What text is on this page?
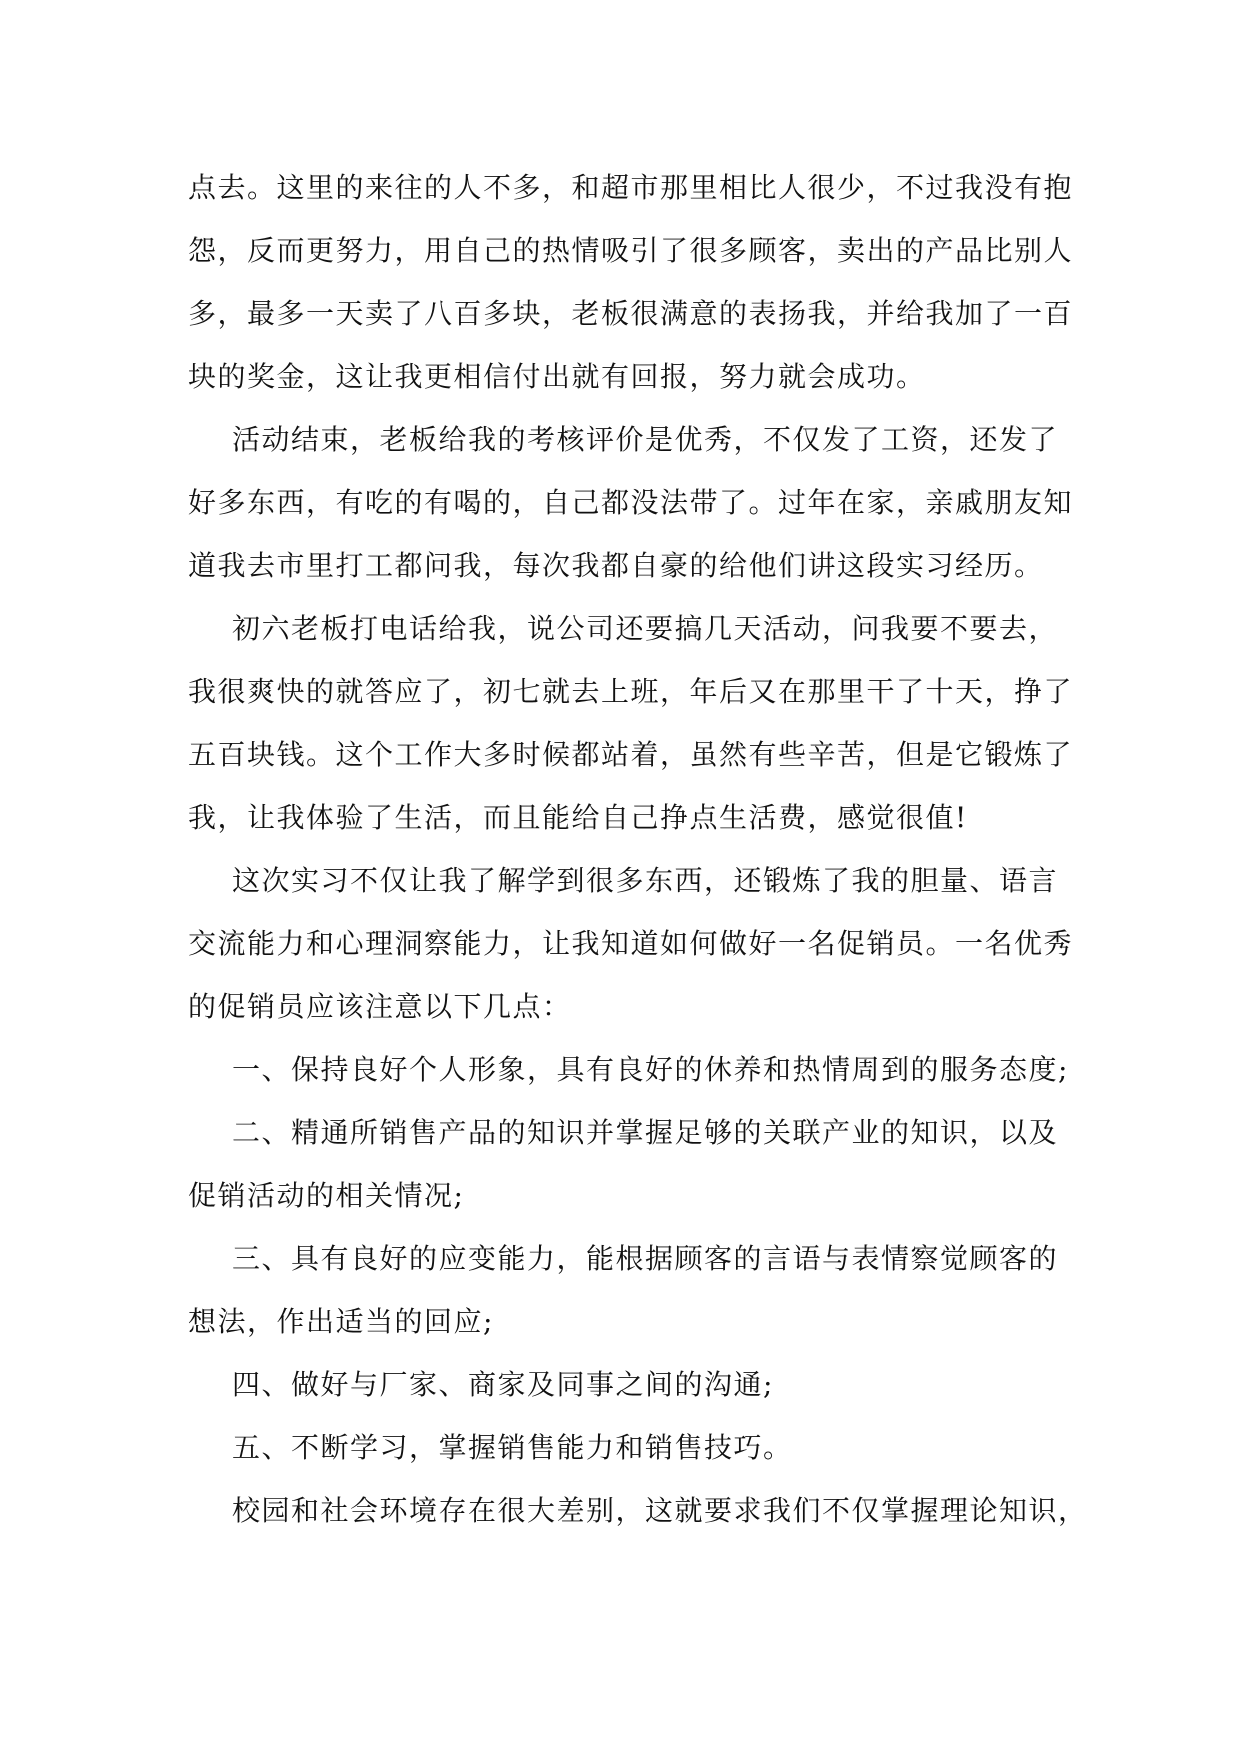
点去。这里的来往的人不多，和超市那里相比人很少，不过我没有抱
怨，反而更努力，用自己的热情吸引了很多顾客，卖出的产品比别人
多，最多一天卖了八百多块，老板很满意的表扬我，并给我加了一百
块的奖金，这让我更相信付出就有回报，努力就会成功。
活动结束，老板给我的考核评价是优秀，不仅发了工资，还发了
好多东西，有吃的有喝的，自己都没法带了。过年在家，亲戚朋友知
道我去市里打工都问我，每次我都自豪的给他们讲这段实习经历。
初六老板打电话给我，说公司还要搞几天活动，问我要不要去，
我很爽快的就答应了，初七就去上班，年后又在那里干了十天，挣了
五百块钱。这个工作大多时候都站着，虽然有些辛苦，但是它锻炼了
我，让我体验了生活，而且能给自己挣点生活费，感觉很值!
这次实习不仅让我了解学到很多东西，还锻炼了我的胆量、语言
交流能力和心理洞察能力，让我知道如何做好一名促销员。一名优秀
的促销员应该注意以下几点：
一、保持良好个人形象，具有良好的休养和热情周到的服务态度;
二、精通所销售产品的知识并掌握足够的关联产业的知识，以及
促销活动的相关情况;
三、具有良好的应变能力，能根据顾客的言语与表情察觉顾客的
想法，作出适当的回应;
四、做好与厂家、商家及同事之间的沟通;
五、不断学习，掌握销售能力和销售技巧。
校园和社会环境存在很大差别，这就要求我们不仅掌握理论知识，
